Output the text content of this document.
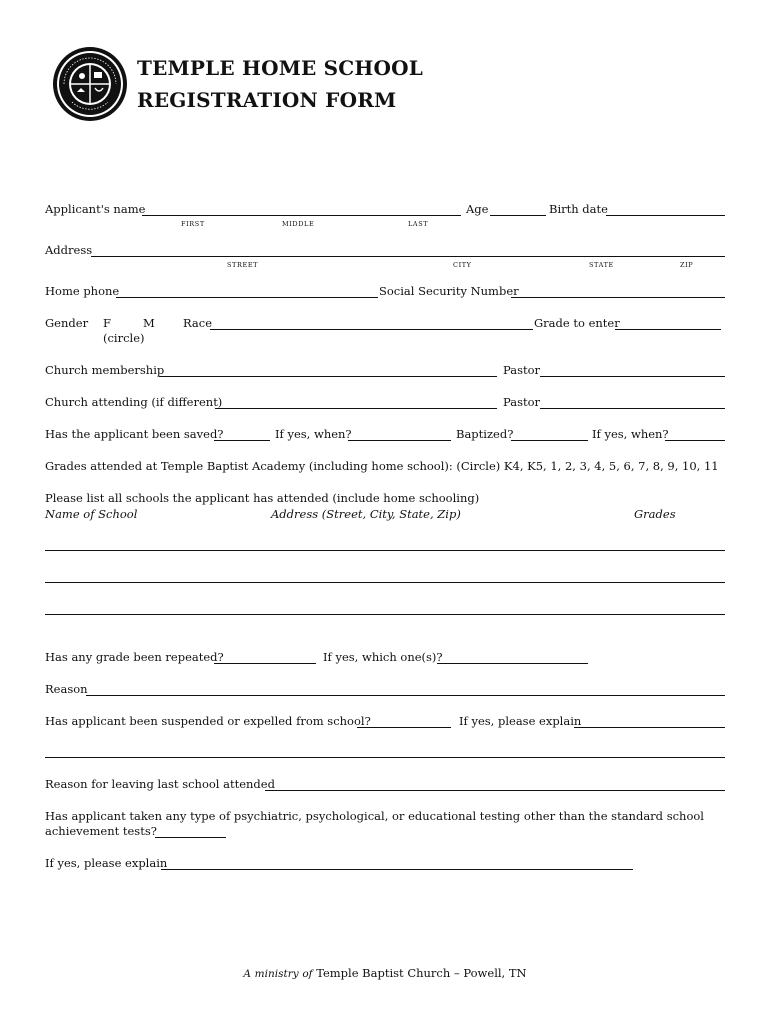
TEMPLE HOME SCHOOL
REGISTRATION FORM
Applicant's name	Age	Birth date
FIRST	MIDDLE	LAST
Address
STREET	CITY	STATE	ZIP
Home phone	Social Security Number
Gender F	M Race	Grade to enter
(circle)
Church membership	Pastor
Church attending (if different)	Pastor
Has the applicant been saved?	If yes, when?	Baptized?	If yes, when?
Grades attended at Temple Baptist Academy (including home school): (Circle) K4, K5, 1, 2, 3, 4, 5, 6, 7, 8, 9, 10, 11
Please list all schools the applicant has attended (include home schooling)
Name of School	Address (Street, City, State, Zip)	Grades
Has any grade been repeated?	If yes, which one(s)?
Reason
Has applicant been suspended or expelled from school?	If yes, please explain
Reason for leaving last school attended
Has applicant taken any type of psychiatric, psychological, or educational testing other than the standard school
achievement tests?
If yes, please explain
A ministry of Temple Baptist Church – Powell, TN
